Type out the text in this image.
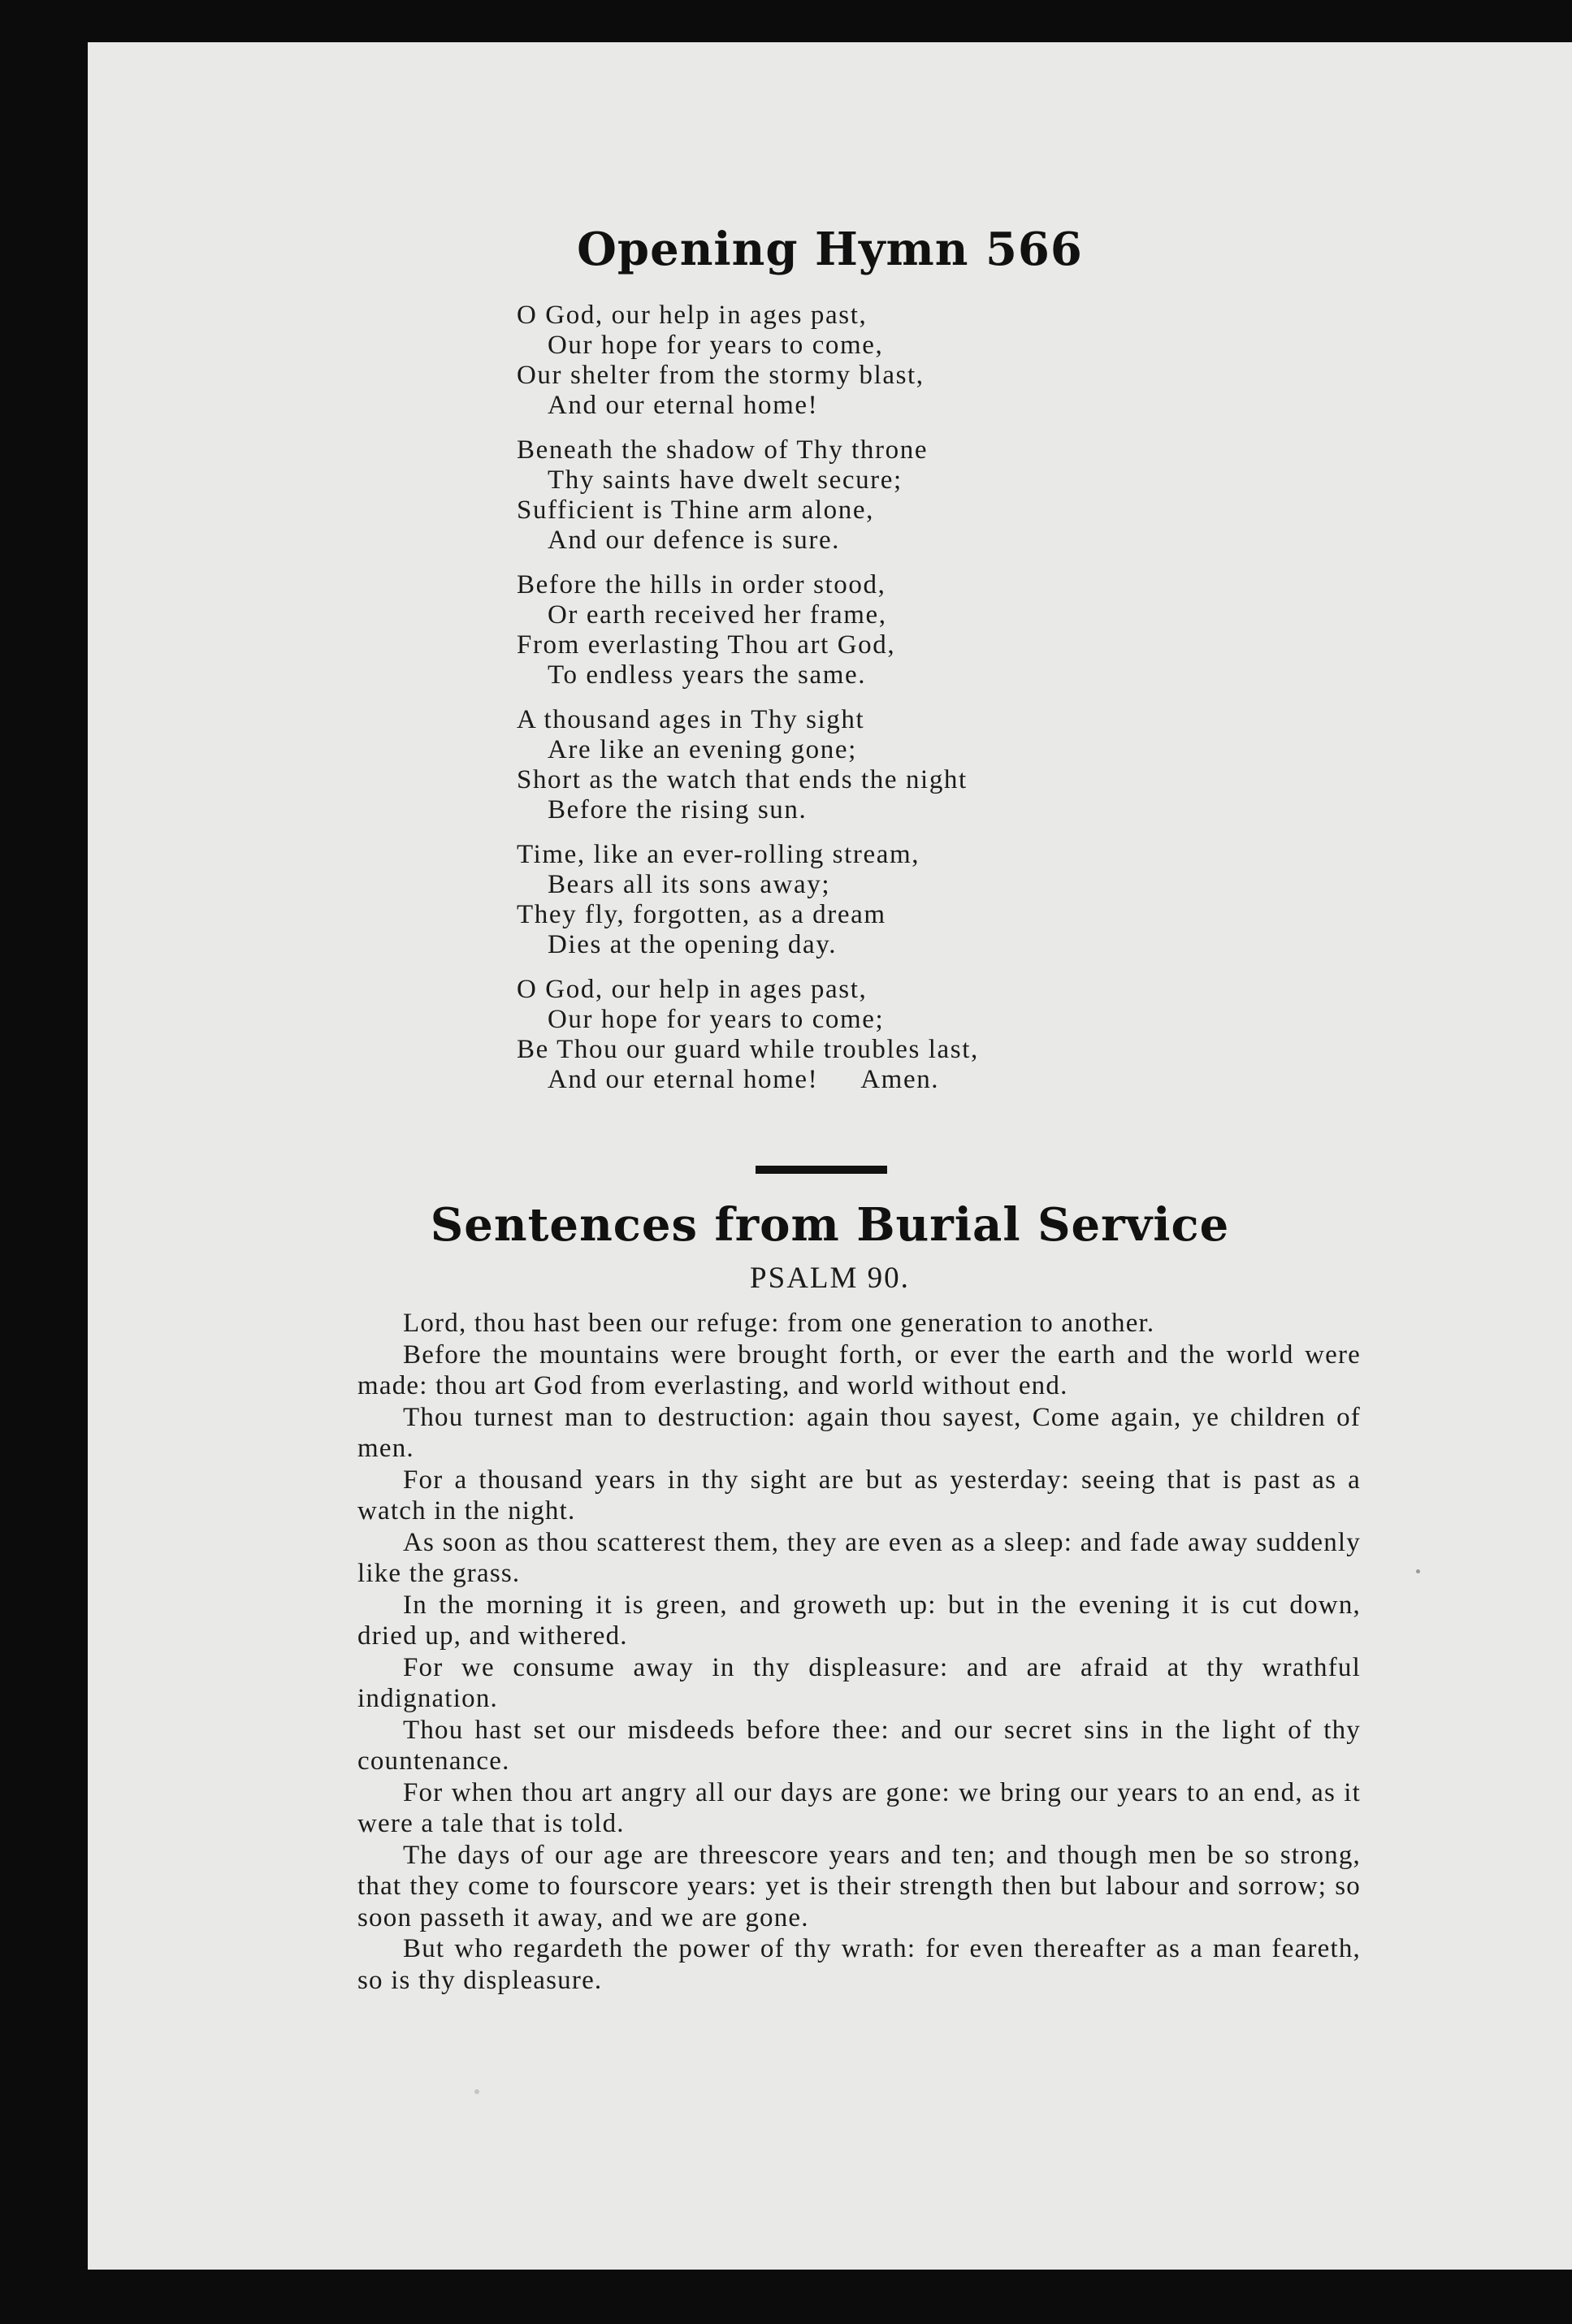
Opening Hymn 566

O God, our help in ages past,
Our hope for years to come,
Our shelter from the stormy blast,
And our eternal home!

Beneath the shadow of Thy throne
Thy saints have dwelt secure;
Sufficient is Thine arm alone,
And our defence is sure.

Before the hills in order stood,
Or earth received her frame,
From everlasting Thou art God,
To endless years the same.

A thousand ages in Thy sight
Are like an evening gone;
Short as the watch that ends the night
Before the rising sun.

Time, like an ever-rolling stream,
Bears all its sons away;
They fly, forgotten, as a dream
Dies at the opening day.

O God, our help in ages past,
Our hope for years to come;
Be Thou our guard while troubles last,
And our eternal home! Amen.

Sentences from Burial Service
PSALM 90.

Lord, thou hast been our refuge: from one generation to another.

Before the mountains were brought forth, or ever the earth and the world were made: thou art God from everlasting, and world without end.

Thou turnest man to destruction: again thou sayest, Come again, ye children of men.

For a thousand years in thy sight are but as yesterday: seeing that is past as a watch in the night.

As soon as thou scatterest them, they are even as a sleep: and fade away suddenly like the grass.

In the morning it is green, and groweth up: but in the evening it is cut down, dried up, and withered.

For we consume away in thy displeasure: and are afraid at thy wrathful indignation.

Thou hast set our misdeeds before thee: and our secret sins in the light of thy countenance.

For when thou art angry all our days are gone: we bring our years to an end, as it were a tale that is told.

The days of our age are threescore years and ten; and though men be so strong, that they come to fourscore years: yet is their strength then but labour and sorrow; so soon passeth it away, and we are gone.

But who regardeth the power of thy wrath: for even thereafter as a man feareth, so is thy displeasure.
